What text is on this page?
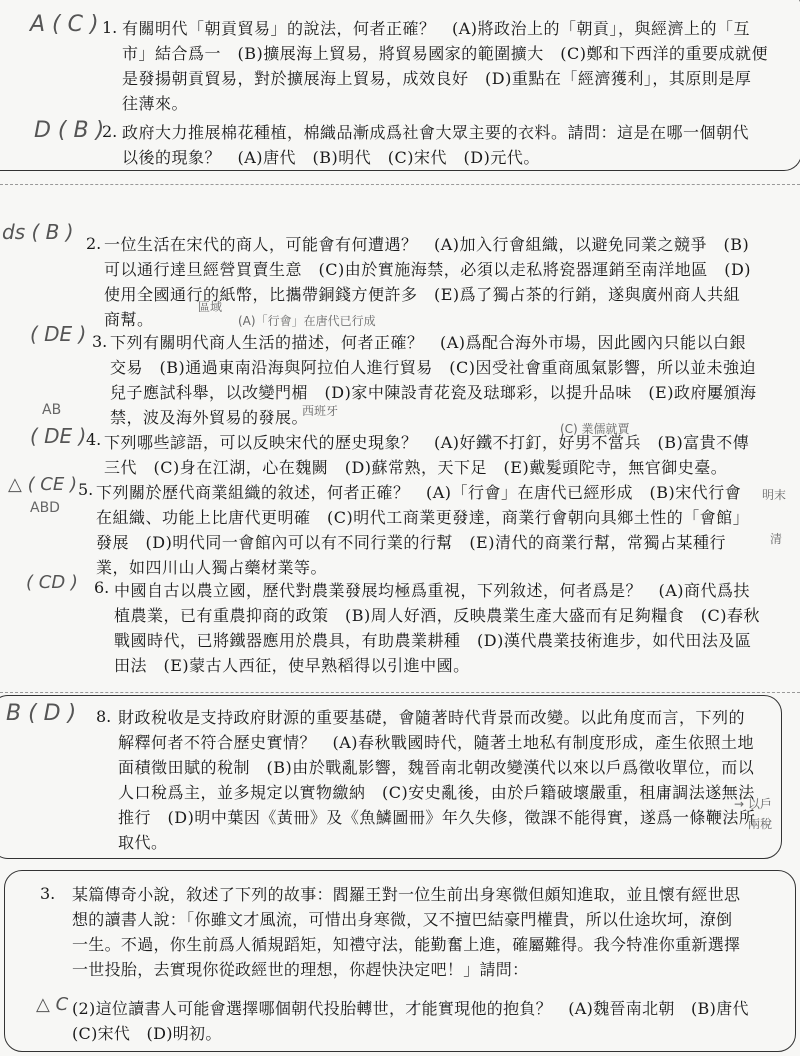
A ( C ) 1. 有關明代「朝貢貿易」的說法，何者正確？　(A)將政治上的「朝貢」，與經濟上的「互

市」結合爲一　(B)擴展海上貿易，將貿易國家的範圍擴大　(C)鄭和下西洋的重要成就便

是發揚朝貢貿易，對於擴展海上貿易，成效良好　(D)重點在「經濟獲利」，其原則是厚

往薄來。

D ( B )
2. 政府大力推展棉花種植，棉織品漸成爲社會大眾主要的衣料。請問：這是在哪一個朝代

以後的現象？　(A)唐代　(B)明代　(C)宋代　(D)元代。

ds ( B ) 2. 一位生活在宋代的商人，可能會有何遭遇？　(A)加入行會組織，以避免同業之競爭　(B)

可以通行達旦經營買賣生意　(C)由於實施海禁，必須以走私將瓷器運銷至南洋地區　(D)

使用全國通行的紙幣，比攜帶銅錢方便許多　(E)爲了獨占茶的行銷，遂與廣州商人共組

商幫。

區域
(A)「行會」在唐代已行成
( DE ) 3. 下列有關明代商人生活的描述，何者正確？　(A)爲配合海外市場，因此國內只能以白銀

交易　(B)通過東南沿海與阿拉伯人進行貿易　(C)因受社會重商風氣影響，所以並未強迫

兒子應試科舉，以改變門楣　(D)家中陳設青花瓷及琺瑯彩，以提升品味　(E)政府屢頒海

禁，波及海外貿易的發展。

AB	西班牙
(C) 業儒就賈
( DE ) 4. 下列哪些諺語，可以反映宋代的歷史現象？　(A)好鐵不打釘，好男不當兵　(B)富貴不傳

三代　(C)身在江湖，心在魏闕　(D)蘇常熟，天下足　(E)戴髮頭陀寺，無官御史臺。

△ ( CE ) 5. 下列關於歷代商業組織的敘述，何者正確？　(A)「行會」在唐代已經形成　(B)宋代行會

在組織、功能上比唐代更明確　(C)明代工商業更發達，商業行會朝向具鄉土性的「會館」

發展　(D)明代同一會館內可以有不同行業的行幫　(E)清代的商業行幫，常獨占某種行

業，如四川山人獨占藥材業等。

ABD
明末
清
( CD ) 6. 中國自古以農立國，歷代對農業發展均極爲重視，下列敘述，何者爲是？　(A)商代爲扶

植農業，已有重農抑商的政策　(B)周人好酒，反映農業生產大盛而有足夠糧食　(C)春秋

戰國時代，已將鐵器應用於農具，有助農業耕種　(D)漢代農業技術進步，如代田法及區

田法　(E)蒙古人西征，使早熟稻得以引進中國。

B ( D ) 8. 財政稅收是支持政府財源的重要基礎，會隨著時代背景而改變。以此角度而言，下列的

解釋何者不符合歷史實情？　(A)春秋戰國時代，隨著土地私有制度形成，產生依照土地

面積徵田賦的稅制　(B)由於戰亂影響，魏晉南北朝改變漢代以來以戶爲徵收單位，而以

人口稅爲主，並多規定以實物繳納　(C)安史亂後，由於戶籍破壞嚴重，租庸調法遂無法

推行　(D)明中葉因《黃冊》及《魚鱗圖冊》年久失修，徵課不能得實，遂爲一條鞭法所

取代。

→ 以戶
兩稅
3. 某篇傳奇小說，敘述了下列的故事：閻羅王對一位生前出身寒微但頗知進取，並且懷有經世思

想的讀書人說：「你雖文才風流，可惜出身寒微，又不擅巴結豪門權貴，所以仕途坎坷，潦倒

一生。不過，你生前爲人循規蹈矩，知禮守法，能勤奮上進，確屬難得。我今特准你重新選擇

一世投胎，去實現你從政經世的理想，你趕快決定吧！」請問：

△ C (2)這位讀書人可能會選擇哪個朝代投胎轉世，才能實現他的抱負？　(A)魏晉南北朝　(B)唐代

(C)宋代　(D)明初。
